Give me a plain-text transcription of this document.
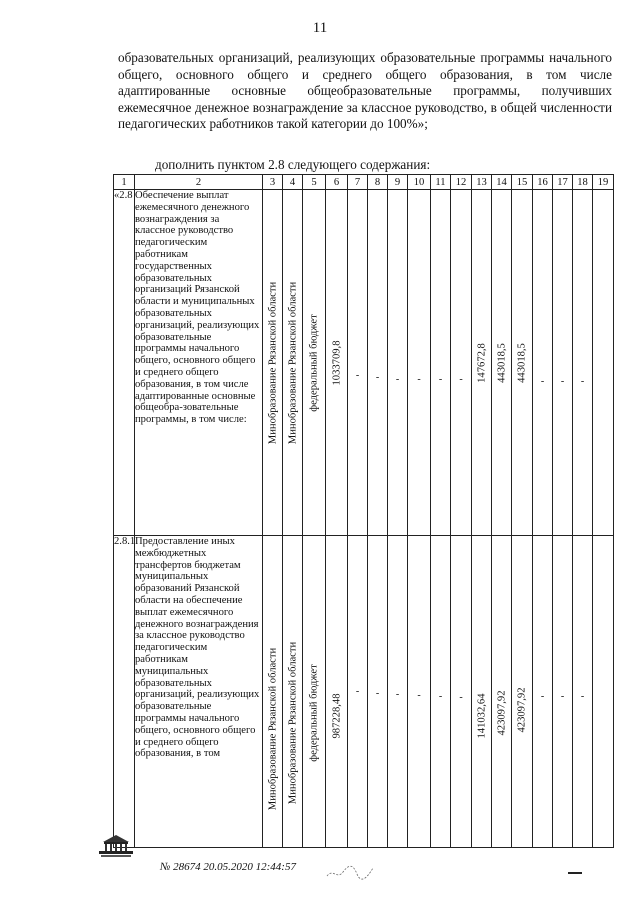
11

образовательных организаций, реализующих образовательные программы начального общего, основного общего и среднего общего образования, в том числе адаптированные основные общеобразовательные программы, получивших ежемесячное денежное вознаграждение за классное руководство, в общей численности педагогических работников такой категории до 100%»;

дополнить пунктом 2.8 следующего содержания:
1	2	3	4	5	6	7	8	9	10	11	12	13	14	15	16	17	18	19
«2.8	Обеспечение выплат ежемесячного денежного вознаграждения за классное руководство педагогическим работникам государственных образовательных организаций Рязанской области и муниципальных образовательных организаций, реализующих образовательные программы начального общего, основного общего и среднего общего образования, в том числе адаптированные основные общеобра-зовательные программы, в том числе:	Минобразование Рязанской области	Минобразование Рязанской области	федеральный бюджет	1033709,8	-	-	-	-	-	-	147672,8	443018,5	443018,5	-	-	-	

2.8.1	Предоставление иных межбюджетных трансфертов бюджетам муниципальных образований Рязанской области на обеспечение выплат ежемесячного денежного вознаграждения за классное руководство педагогическим работникам муниципальных образовательных организаций, реализующих образовательные программы начального общего, основного общего и среднего общего образования, в том	Минобразование Рязанской области	Минобразование Рязанской области	федеральный бюджет	987228,48	-	-	-	-	-	-	141032,64	423097,92	423097,92	-	-	-	

№ 28674 20.05.2020 12:44:57
